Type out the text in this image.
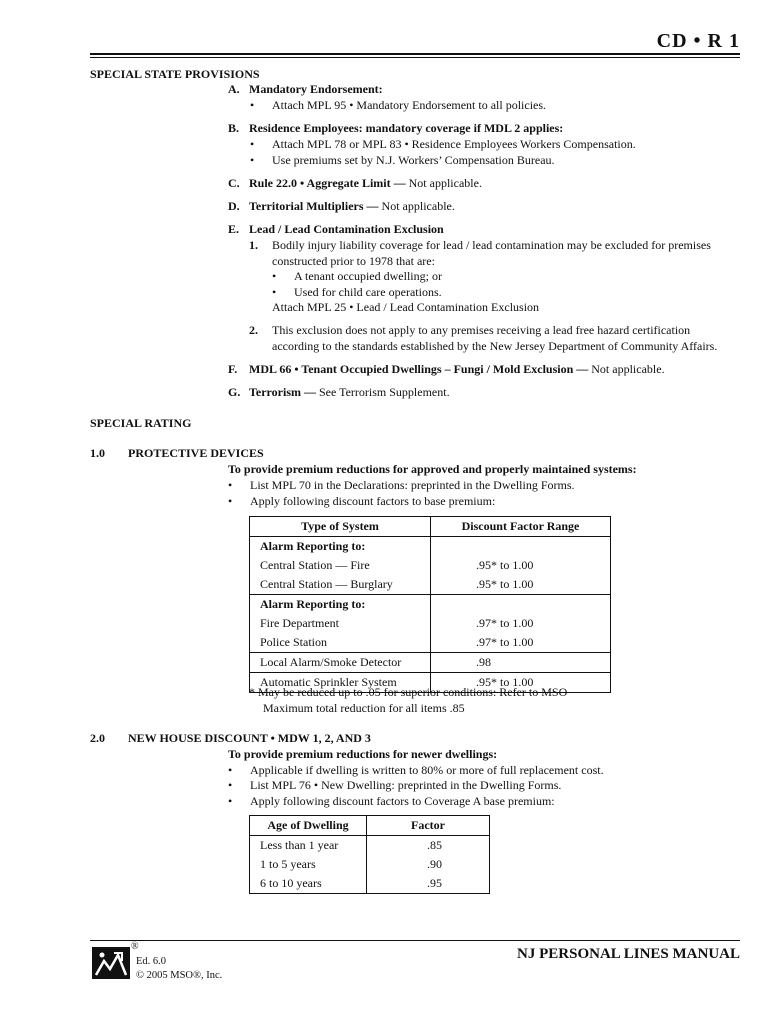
CD • R 1
SPECIAL STATE PROVISIONS
A. Mandatory Endorsement:
• Attach MPL 95 • Mandatory Endorsement to all policies.
B. Residence Employees: mandatory coverage if MDL 2 applies:
• Attach MPL 78 or MPL 83 • Residence Employees Workers Compensation.
• Use premiums set by N.J. Workers’ Compensation Bureau.
C. Rule 22.0 • Aggregate Limit — Not applicable.
D. Territorial Multipliers — Not applicable.
E. Lead / Lead Contamination Exclusion
1. Bodily injury liability coverage for lead / lead contamination may be excluded for premises
constructed prior to 1978 that are:
• A tenant occupied dwelling; or
• Used for child care operations.
Attach MPL 25 • Lead / Lead Contamination Exclusion
2. This exclusion does not apply to any premises receiving a lead free hazard certification
according to the standards established by the New Jersey Department of Community Affairs.
F. MDL 66 • Tenant Occupied Dwellings – Fungi / Mold Exclusion — Not applicable.
G. Terrorism — See Terrorism Supplement.
SPECIAL RATING
1.0 PROTECTIVE DEVICES
To provide premium reductions for approved and properly maintained systems:
• List MPL 70 in the Declarations: preprinted in the Dwelling Forms.
• Apply following discount factors to base premium:
Type of System	Discount Factor Range
Alarm Reporting to:	
Central Station — Fire	.95* to 1.00
Central Station — Burglary	.95* to 1.00
Alarm Reporting to:	
Fire Department	.97* to 1.00
Police Station	.97* to 1.00
Local Alarm/Smoke Detector	.98
Automatic Sprinkler System	.95* to 1.00
* May be reduced up to .05 for superior conditions: Refer to MSO
Maximum total reduction for all items .85
2.0 NEW HOUSE DISCOUNT • MDW 1, 2, AND 3
To provide premium reductions for newer dwellings:
• Applicable if dwelling is written to 80% or more of full replacement cost.
• List MPL 76 • New Dwelling: preprinted in the Dwelling Forms.
• Apply following discount factors to Coverage A base premium:
Age of Dwelling	Factor
Less than 1 year	.85
1 to 5 years	.90
6 to 10 years	.95
®
Ed. 6.0
© 2005 MSO®, Inc.
NJ PERSONAL LINES MANUAL
